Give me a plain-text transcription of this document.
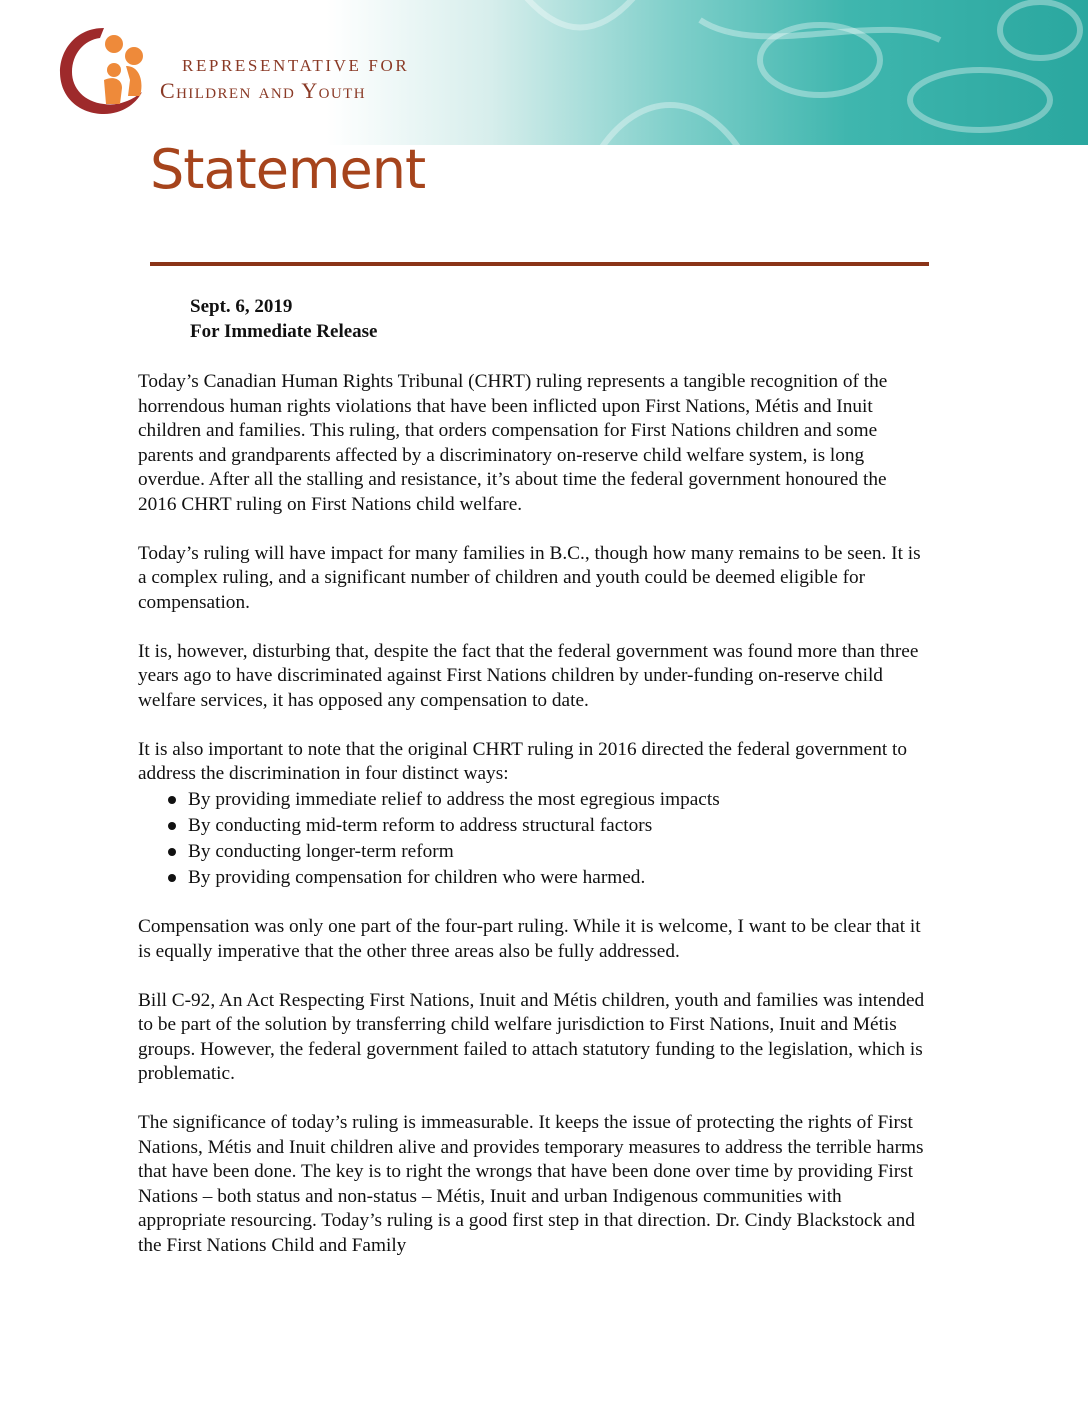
REPRESENTATIVE FOR
Children and Youth
Statement
Sept. 6, 2019
For Immediate Release

Today’s Canadian Human Rights Tribunal (CHRT) ruling represents a tangible recognition of the horrendous human rights violations that have been inflicted upon First Nations, Métis and Inuit children and families. This ruling, that orders compensation for First Nations children and some parents and grandparents affected by a discriminatory on-reserve child welfare system, is long overdue. After all the stalling and resistance, it’s about time the federal government honoured the 2016 CHRT ruling on First Nations child welfare.

Today’s ruling will have impact for many families in B.C., though how many remains to be seen. It is a complex ruling, and a significant number of children and youth could be deemed eligible for compensation.

It is, however, disturbing that, despite the fact that the federal government was found more than three years ago to have discriminated against First Nations children by under-funding on-reserve child welfare services, it has opposed any compensation to date.

It is also important to note that the original CHRT ruling in 2016 directed the federal government to address the discrimination in four distinct ways:

By providing immediate relief to address the most egregious impacts
By conducting mid-term reform to address structural factors
By conducting longer-term reform
By providing compensation for children who were harmed.

Compensation was only one part of the four-part ruling. While it is welcome, I want to be clear that it is equally imperative that the other three areas also be fully addressed.

Bill C-92, An Act Respecting First Nations, Inuit and Métis children, youth and families was intended to be part of the solution by transferring child welfare jurisdiction to First Nations, Inuit and Métis groups. However, the federal government failed to attach statutory funding to the legislation, which is problematic.

The significance of today’s ruling is immeasurable. It keeps the issue of protecting the rights of First Nations, Métis and Inuit children alive and provides temporary measures to address the terrible harms that have been done. The key is to right the wrongs that have been done over time by providing First Nations – both status and non-status – Métis, Inuit and urban Indigenous communities with appropriate resourcing. Today’s ruling is a good first step in that direction. Dr. Cindy Blackstock and the First Nations Child and Family
